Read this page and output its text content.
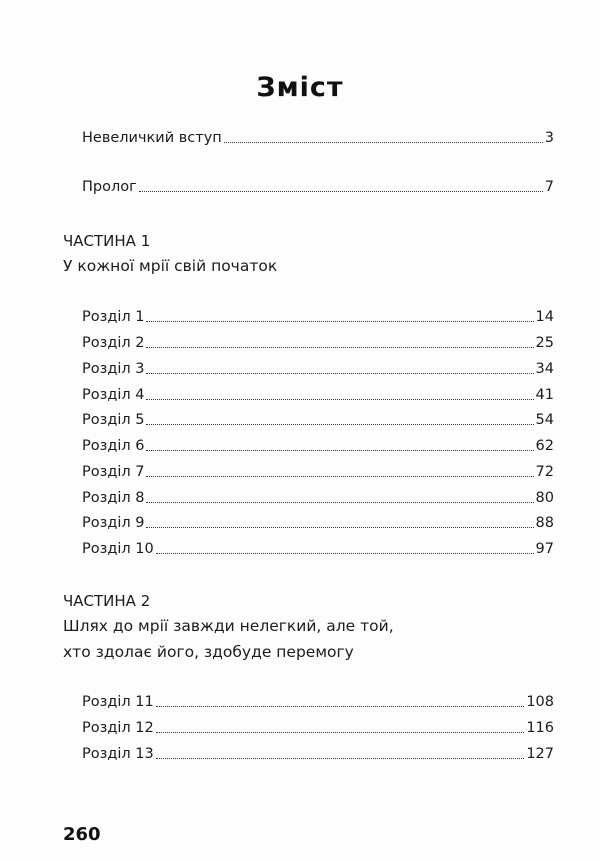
Зміст
Невеличкий вступ	3
Пролог	7
ЧАСТИНА 1
У кожної мрії свій початок
Розділ 1	14
Розділ 2	25
Розділ 3	34
Розділ 4	41
Розділ 5	54
Розділ 6	62
Розділ 7	72
Розділ 8	80
Розділ 9	88
Розділ 10	97
ЧАСТИНА 2
Шлях до мрії завжди нелегкий, але той,
хто здолає його, здобуде перемогу
Розділ 11	108
Розділ 12	116
Розділ 13	127
260
